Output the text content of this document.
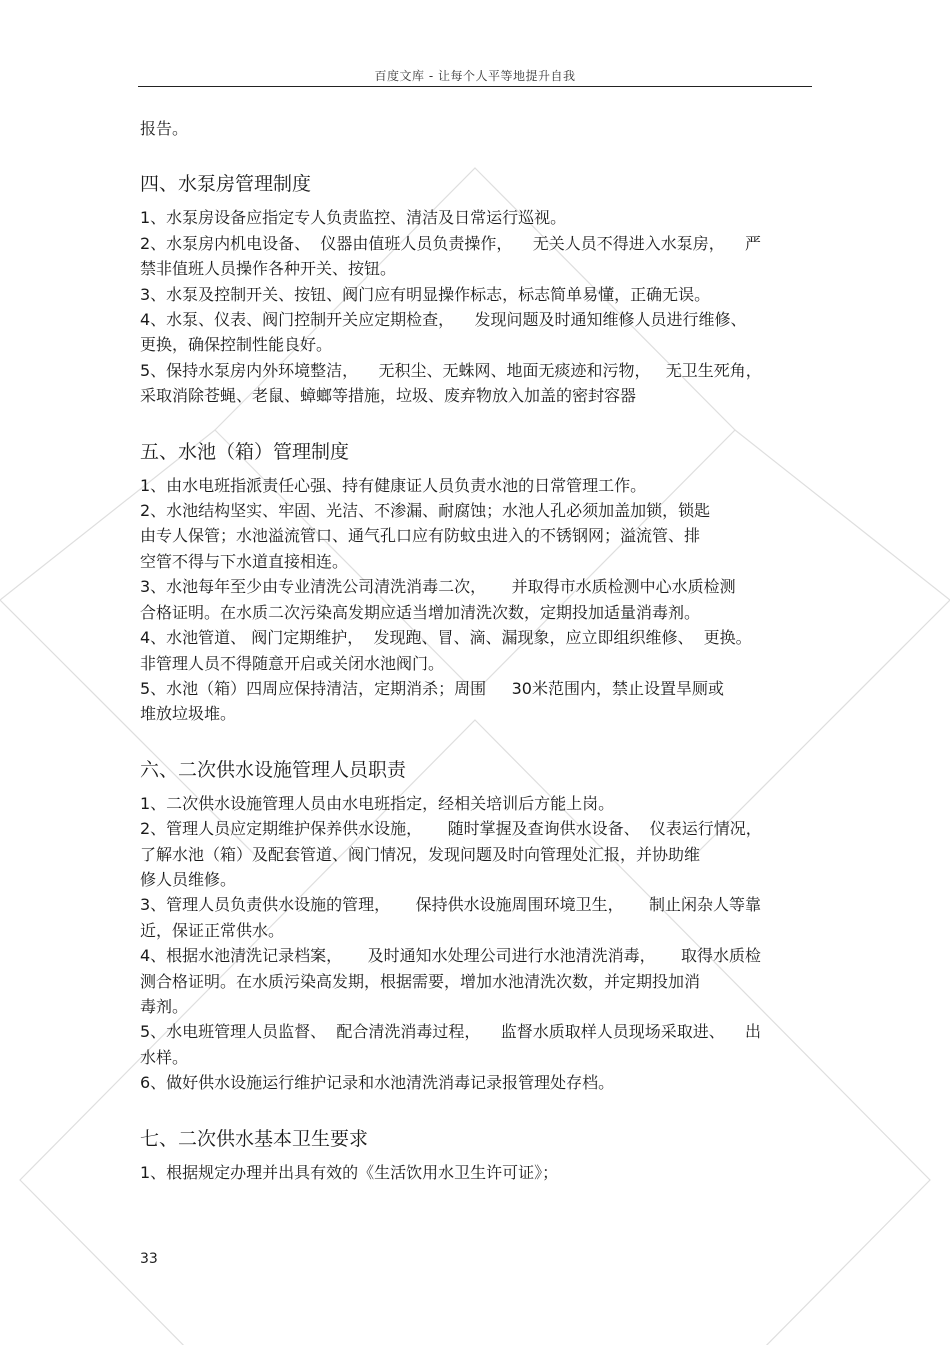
百度文库 - 让每个人平等地提升自我

报告。

四、水泵房管理制度

1、水泵房设备应指定专人负责监控、清洁及日常运行巡视。

2、水泵房内机电设备、  仪器由值班人员负责操作，    无关人员不得进入水泵房，    严

禁非值班人员操作各种开关、按钮。

3、水泵及控制开关、按钮、阀门应有明显操作标志，标志简单易懂，正确无误。

4、水泵、仪表、阀门控制开关应定期检查，    发现问题及时通知维修人员进行维修、

更换，确保控制性能良好。

5、保持水泵房内外环境整洁，    无积尘、无蛛网、地面无痰迹和污物，   无卫生死角，

采取消除苍蝇、老鼠、蟑螂等措施，垃圾、废弃物放入加盖的密封容器

五、水池（箱）管理制度

1、由水电班指派责任心强、持有健康证人员负责水池的日常管理工作。

2、水池结构坚实、牢固、光洁、不渗漏、耐腐蚀；水池人孔必须加盖加锁，锁匙

由专人保管；水池溢流管口、通气孔口应有防蚊虫进入的不锈钢网；溢流管、排

空管不得与下水道直接相连。

3、水池每年至少由专业清洗公司清洗消毒二次，     并取得市水质检测中心水质检测

合格证明。在水质二次污染高发期应适当增加清洗次数，定期投加适量消毒剂。

4、水池管道、 阀门定期维护，  发现跑、冒、滴、漏现象，应立即组织维修、  更换。

非管理人员不得随意开启或关闭水池阀门。

5、水池（箱）四周应保持清洁，定期消杀；周围     30米范围内，禁止设置旱厕或

堆放垃圾堆。

六、二次供水设施管理人员职责

1、二次供水设施管理人员由水电班指定，经相关培训后方能上岗。

2、管理人员应定期维护保养供水设施，     随时掌握及查询供水设备、  仪表运行情况，

了解水池（箱）及配套管道、阀门情况，发现问题及时向管理处汇报，并协助维

修人员维修。

3、管理人员负责供水设施的管理，     保持供水设施周围环境卫生，     制止闲杂人等靠

近，保证正常供水。

4、根据水池清洗记录档案，     及时通知水处理公司进行水池清洗消毒，     取得水质检

测合格证明。在水质污染高发期，根据需要，增加水池清洗次数，并定期投加消

毒剂。

5、水电班管理人员监督、  配合清洗消毒过程，    监督水质取样人员现场采取进、    出

水样。

6、做好供水设施运行维护记录和水池清洗消毒记录报管理处存档。

七、二次供水基本卫生要求

1、根据规定办理并出具有效的《生活饮用水卫生许可证》；

33
